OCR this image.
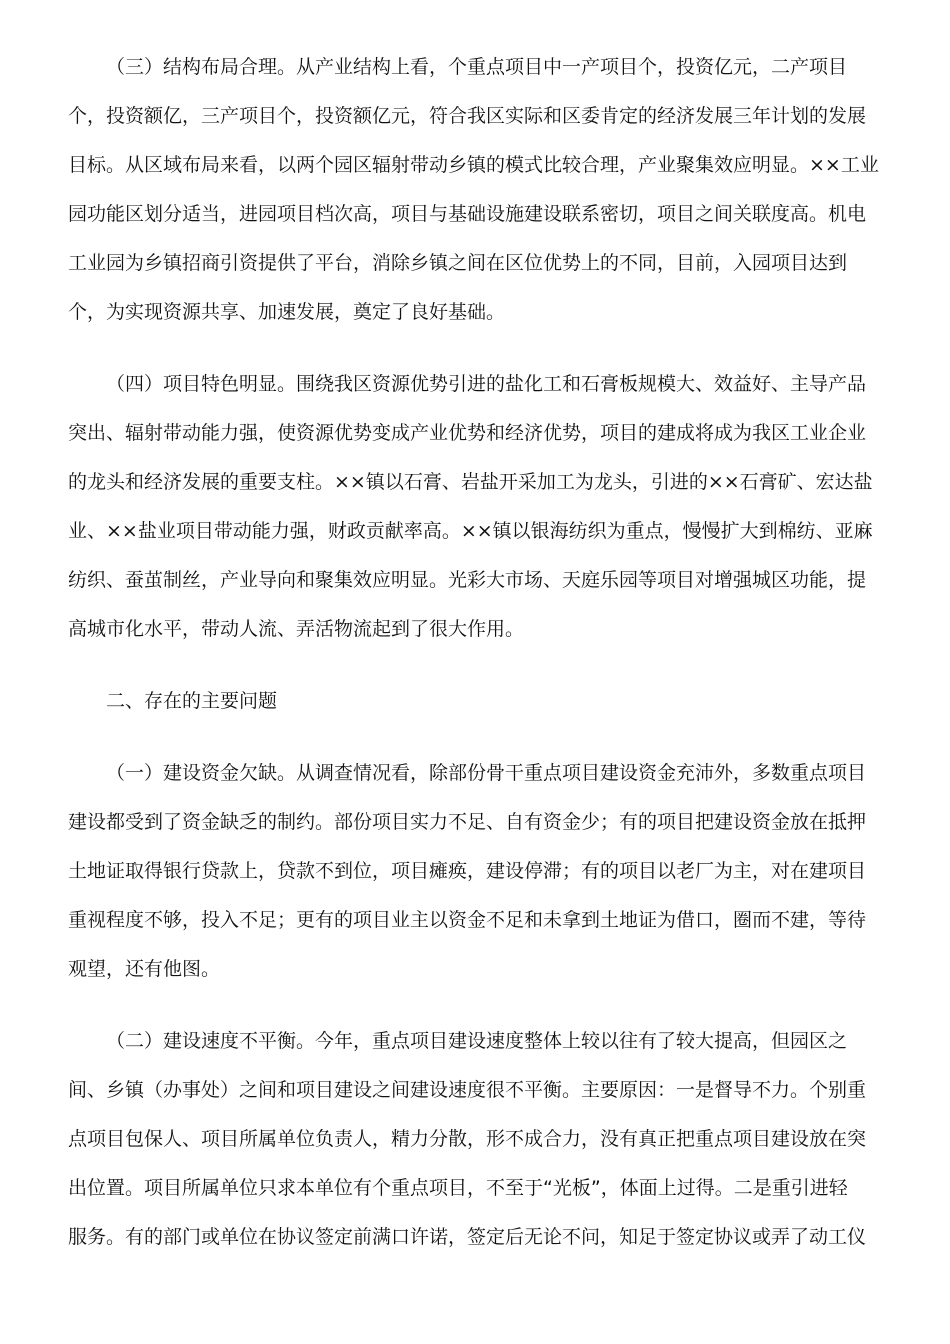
（三）结构布局合理。从产业结构上看，个重点项目中一产项目个，投资亿元，二产项目
个，投资额亿，三产项目个，投资额亿元，符合我区实际和区委肯定的经济发展三年计划的发展
目标。从区域布局来看，以两个园区辐射带动乡镇的模式比较合理，产业聚集效应明显。××工业
园功能区划分适当，进园项目档次高，项目与基础设施建设联系密切，项目之间关联度高。机电
工业园为乡镇招商引资提供了平台，消除乡镇之间在区位优势上的不同，目前，入园项目达到
个，为实现资源共享、加速发展，奠定了良好基础。
（四）项目特色明显。围绕我区资源优势引进的盐化工和石膏板规模大、效益好、主导产品
突出、辐射带动能力强，使资源优势变成产业优势和经济优势，项目的建成将成为我区工业企业
的龙头和经济发展的重要支柱。××镇以石膏、岩盐开采加工为龙头，引进的××石膏矿、宏达盐
业、××盐业项目带动能力强，财政贡献率高。××镇以银海纺织为重点，慢慢扩大到棉纺、亚麻
纺织、蚕茧制丝，产业导向和聚集效应明显。光彩大市场、天庭乐园等项目对增强城区功能，提
高城市化水平，带动人流、弄活物流起到了很大作用。
二、存在的主要问题
（一）建设资金欠缺。从调查情况看，除部份骨干重点项目建设资金充沛外，多数重点项目
建设都受到了资金缺乏的制约。部份项目实力不足、自有资金少；有的项目把建设资金放在抵押
土地证取得银行贷款上，贷款不到位，项目瘫痪，建设停滞；有的项目以老厂为主，对在建项目
重视程度不够，投入不足；更有的项目业主以资金不足和未拿到土地证为借口，圈而不建，等待
观望，还有他图。
（二）建设速度不平衡。今年，重点项目建设速度整体上较以往有了较大提高，但园区之
间、乡镇（办事处）之间和项目建设之间建设速度很不平衡。主要原因：一是督导不力。个别重
点项目包保人、项目所属单位负责人，精力分散，形不成合力，没有真正把重点项目建设放在突
出位置。项目所属单位只求本单位有个重点项目，不至于“光板”，体面上过得。二是重引进轻
服务。有的部门或单位在协议签定前满口许诺，签定后无论不问，知足于签定协议或弄了动工仪
